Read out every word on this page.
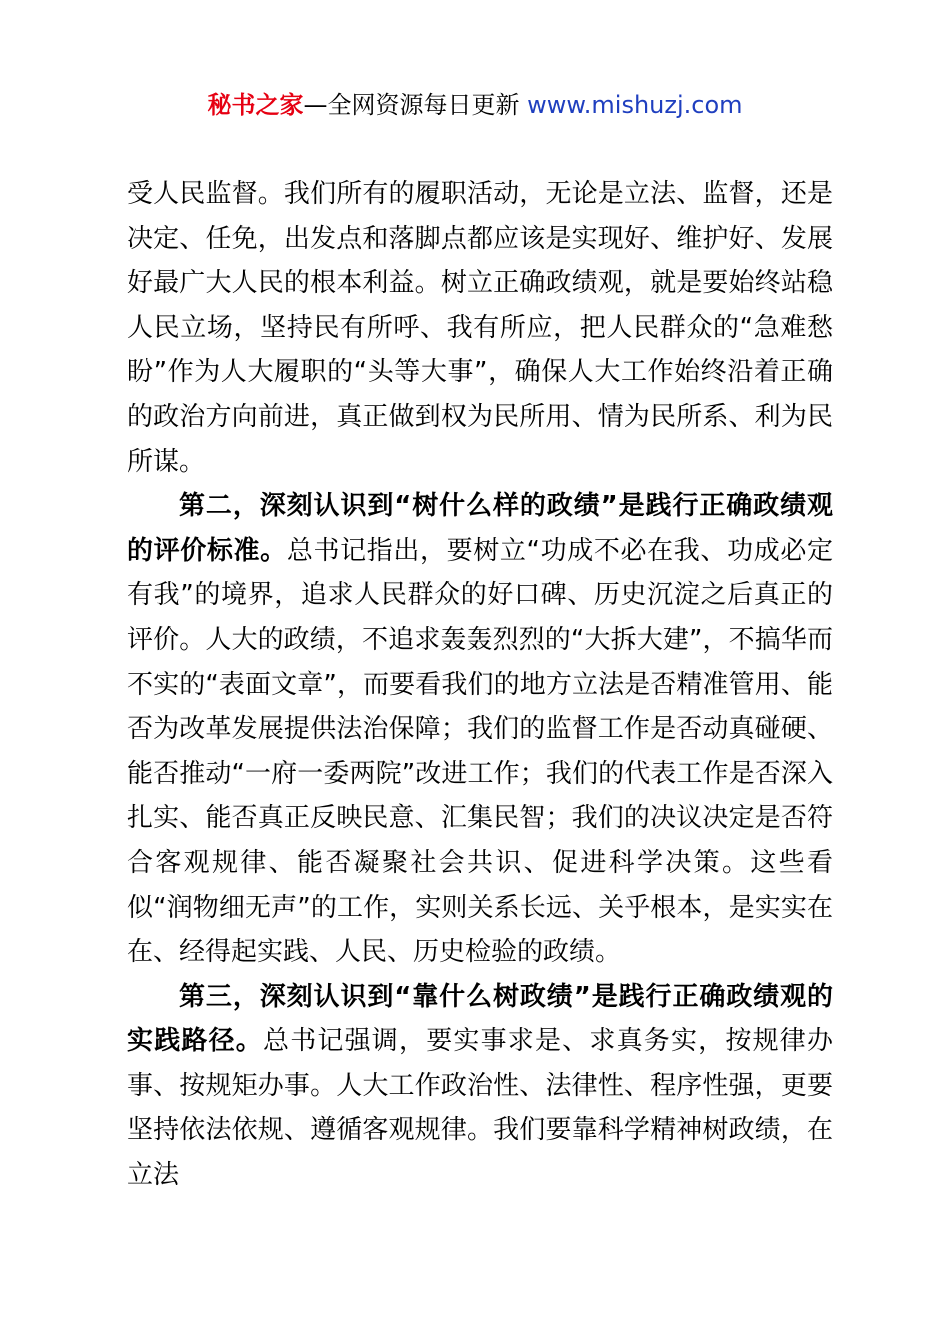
秘书之家—全网资源每日更新 www.mishuzj.com

受人民监督。我们所有的履职活动，无论是立法、监督，还是决定、任免，出发点和落脚点都应该是实现好、维护好、发展好最广大人民的根本利益。树立正确政绩观，就是要始终站稳人民立场，坚持民有所呼、我有所应，把人民群众的“急难愁盼”作为人大履职的“头等大事”，确保人大工作始终沿着正确的政治方向前进，真正做到权为民所用、情为民所系、利为民所谋。

第二，深刻认识到“树什么样的政绩”是践行正确政绩观的评价标准。总书记指出，要树立“功成不必在我、功成必定有我”的境界，追求人民群众的好口碑、历史沉淀之后真正的评价。人大的政绩，不追求轰轰烈烈的“大拆大建”，不搞华而不实的“表面文章”，而要看我们的地方立法是否精准管用、能否为改革发展提供法治保障；我们的监督工作是否动真碰硬、能否推动“一府一委两院”改进工作；我们的代表工作是否深入扎实、能否真正反映民意、汇集民智；我们的决议决定是否符合客观规律、能否凝聚社会共识、促进科学决策。这些看似“润物细无声”的工作，实则关系长远、关乎根本，是实实在在、经得起实践、人民、历史检验的政绩。

第三，深刻认识到“靠什么树政绩”是践行正确政绩观的实践路径。总书记强调，要实事求是、求真务实，按规律办事、按规矩办事。人大工作政治性、法律性、程序性强，更要坚持依法依规、遵循客观规律。我们要靠科学精神树政绩，在立法
